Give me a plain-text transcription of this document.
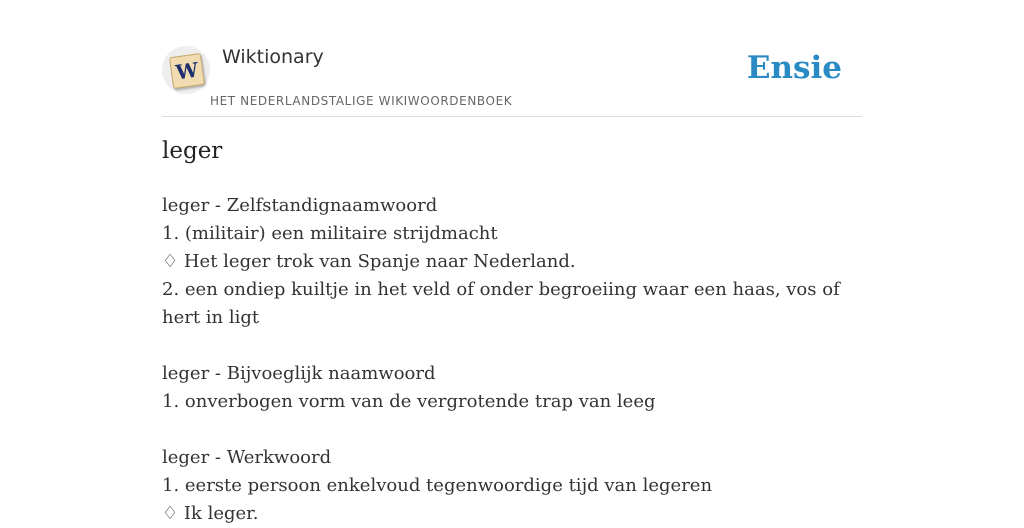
W
Wiktionary
HET NEDERLANDSTALIGE WIKIWOORDENBOEK
Ensie
leger
leger - Zelfstandignaamwoord
1. (militair) een militaire strijdmacht
♢ Het leger trok van Spanje naar Nederland.
2. een ondiep kuiltje in het veld of onder begroeiing waar een haas, vos of hert in ligt
leger - Bijvoeglijk naamwoord
1. onverbogen vorm van de vergrotende trap van leeg
leger - Werkwoord
1. eerste persoon enkelvoud tegenwoordige tijd van legeren
♢ Ik leger.
